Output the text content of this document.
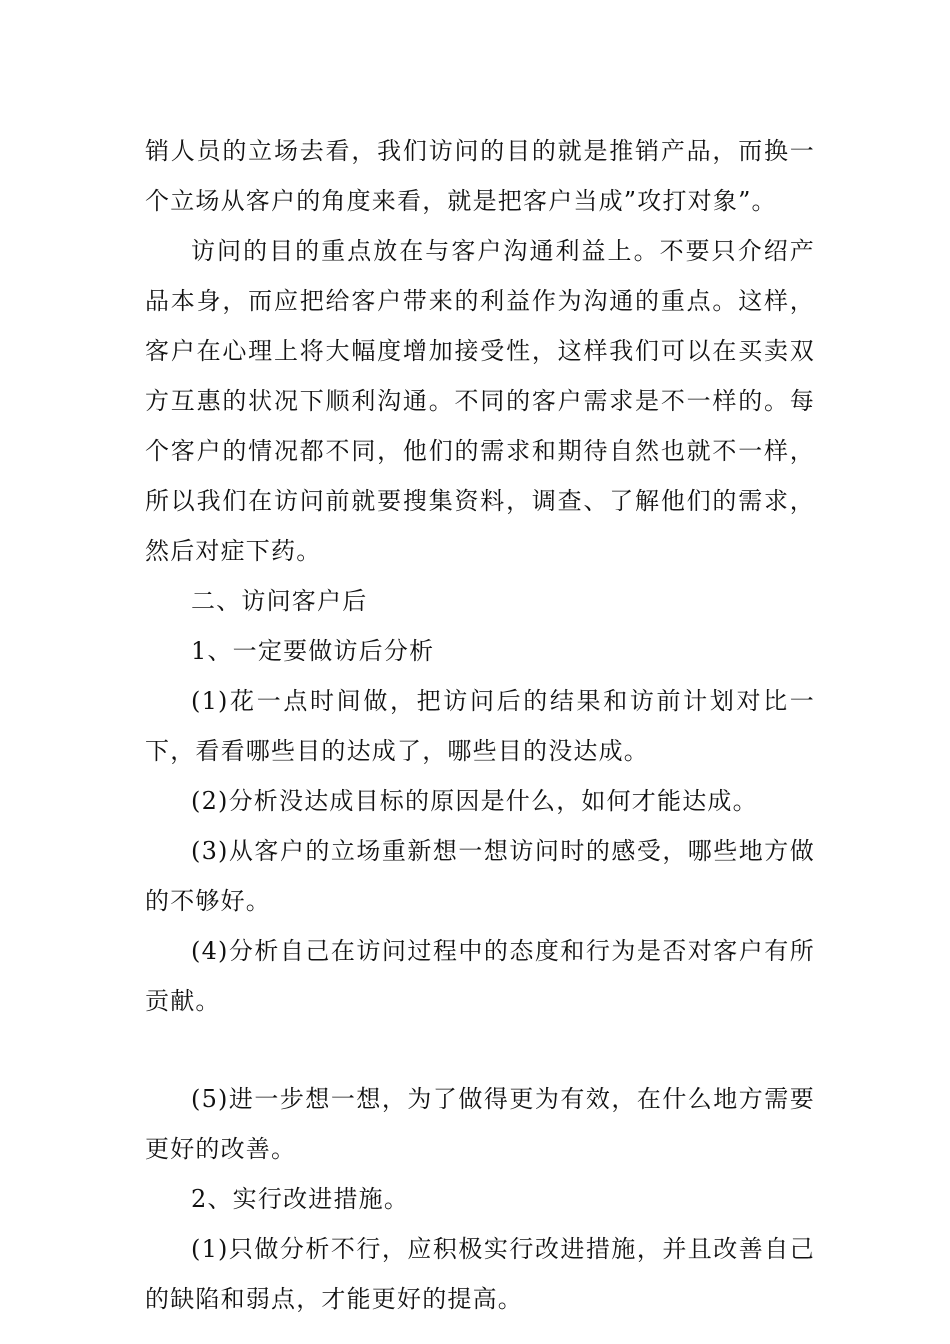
销人员的立场去看，我们访问的目的就是推销产品，而换一个立场从客户的角度来看，就是把客户当成”攻打对象”。

访问的目的重点放在与客户沟通利益上。不要只介绍产品本身，而应把给客户带来的利益作为沟通的重点。这样，客户在心理上将大幅度增加接受性，这样我们可以在买卖双方互惠的状况下顺利沟通。不同的客户需求是不一样的。每个客户的情况都不同，他们的需求和期待自然也就不一样，所以我们在访问前就要搜集资料，调查、了解他们的需求，然后对症下药。

二、访问客户后

1、一定要做访后分析

(1)花一点时间做，把访问后的结果和访前计划对比一下，看看哪些目的达成了，哪些目的没达成。

(2)分析没达成目标的原因是什么，如何才能达成。

(3)从客户的立场重新想一想访问时的感受，哪些地方做的不够好。

(4)分析自己在访问过程中的态度和行为是否对客户有所贡献。

(5)进一步想一想，为了做得更为有效，在什么地方需要更好的改善。

2、实行改进措施。

(1)只做分析不行，应积极实行改进措施，并且改善自己的缺陷和弱点，才能更好的提高。
